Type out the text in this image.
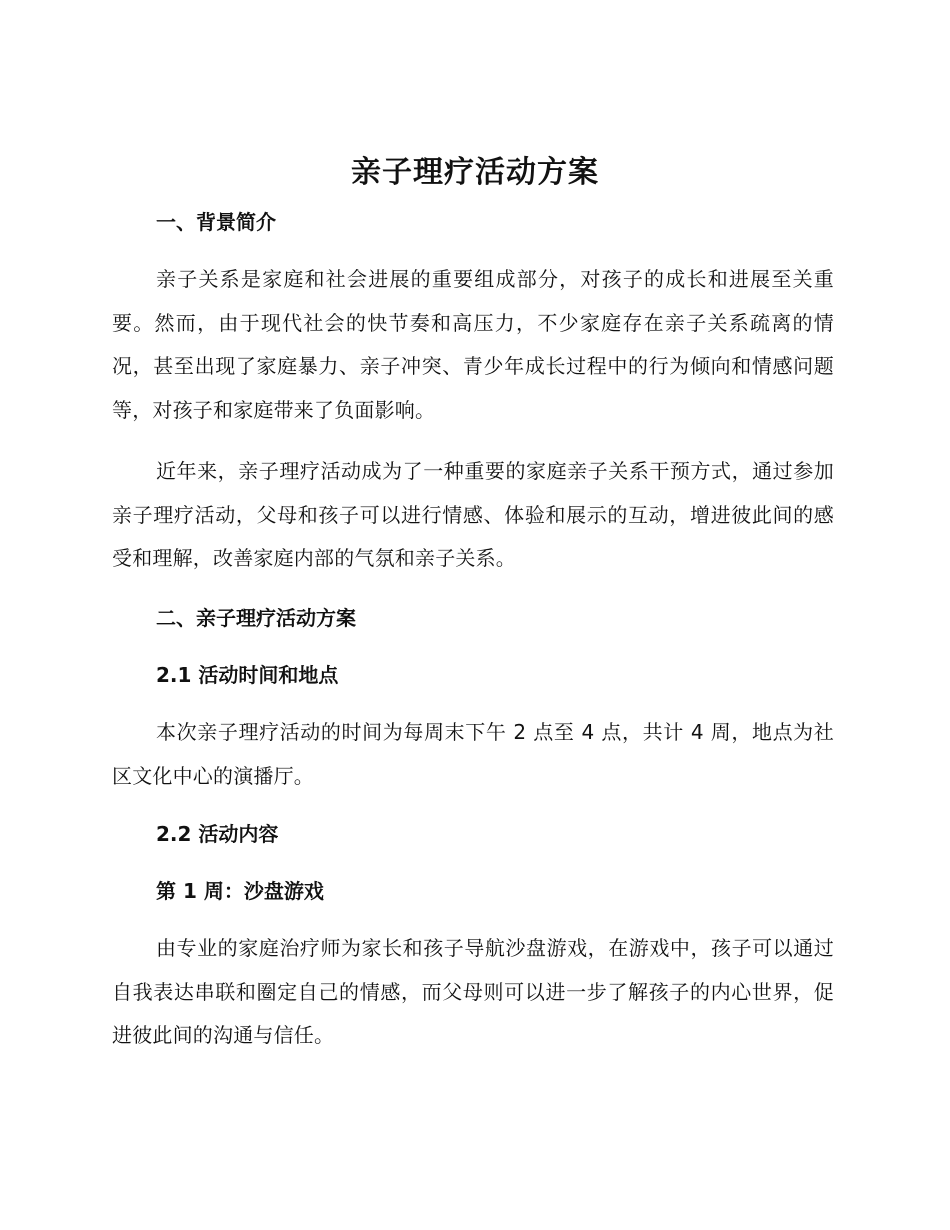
亲子理疗活动方案
一、背景简介

亲子关系是家庭和社会进展的重要组成部分，对孩子的成长和进展至关重要。然而，由于现代社会的快节奏和高压力，不少家庭存在亲子关系疏离的情况，甚至出现了家庭暴力、亲子冲突、青少年成长过程中的行为倾向和情感问题等，对孩子和家庭带来了负面影响。

近年来，亲子理疗活动成为了一种重要的家庭亲子关系干预方式，通过参加亲子理疗活动，父母和孩子可以进行情感、体验和展示的互动，增进彼此间的感受和理解，改善家庭内部的气氛和亲子关系。

二、亲子理疗活动方案
2.1 活动时间和地点

本次亲子理疗活动的时间为每周末下午 2 点至 4 点，共计 4 周，地点为社区文化中心的演播厅。

2.2 活动内容
第 1 周：沙盘游戏

由专业的家庭治疗师为家长和孩子导航沙盘游戏，在游戏中，孩子可以通过自我表达串联和圈定自己的情感，而父母则可以进一步了解孩子的内心世界，促进彼此间的沟通与信任。
